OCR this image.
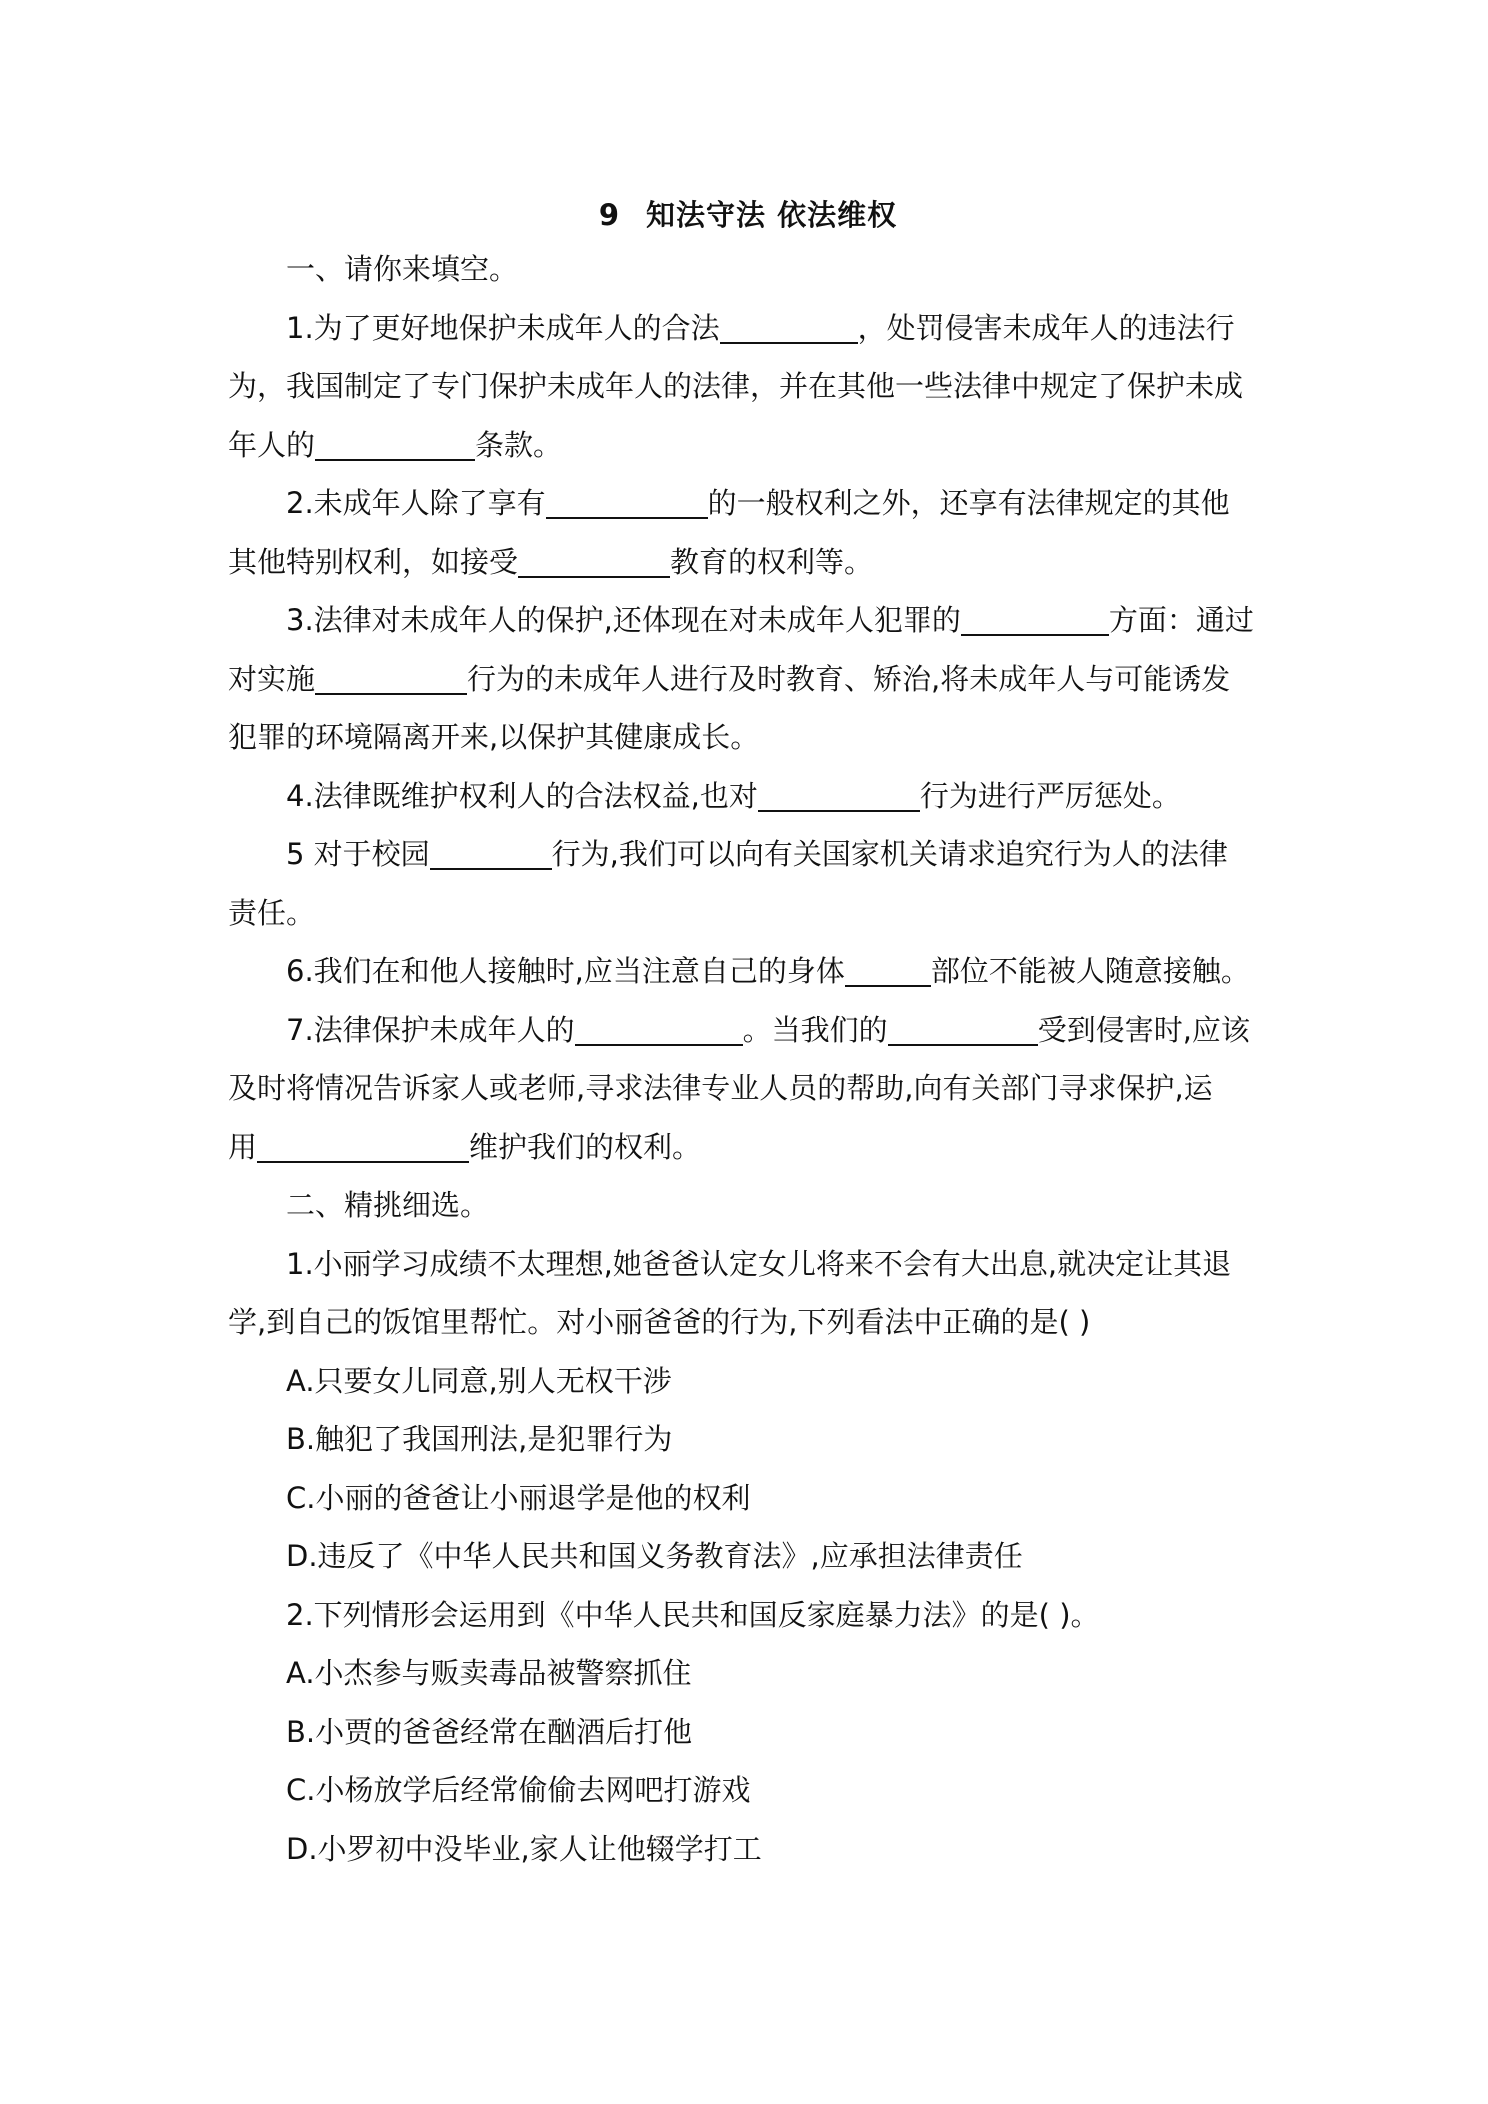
9 知法守法 依法维权
一、请你来填空。
1.为了更好地保护未成年人的合法	，处罚侵害未成年人的违法行
为，我国制定了专门保护未成年人的法律，并在其他一些法律中规定了保护未成
年人的	条款。
2.未成年人除了享有	的一般权利之外，还享有法律规定的其他
其他特别权利，如接受	教育的权利等。
3.法律对未成年人的保护,还体现在对未成年人犯罪的	方面：通过
对实施	行为的未成年人进行及时教育、矫治,将未成年人与可能诱发
犯罪的环境隔离开来,以保护其健康成长。
4.法律既维护权利人的合法权益,也对	行为进行严厉惩处。
5 对于校园	行为,我们可以向有关国家机关请求追究行为人的法律
责任。
6.我们在和他人接触时,应当注意自己的身体	部位不能被人随意接触。
7.法律保护未成年人的	。当我们的	受到侵害时,应该
及时将情况告诉家人或老师,寻求法律专业人员的帮助,向有关部门寻求保护,运
用	维护我们的权利。
二、精挑细选。
1.小丽学习成绩不太理想,她爸爸认定女儿将来不会有大出息,就决定让其退
学,到自己的饭馆里帮忙。对小丽爸爸的行为,下列看法中正确的是( )
A.只要女儿同意,别人无权干涉
B.触犯了我国刑法,是犯罪行为
C.小丽的爸爸让小丽退学是他的权利
D.违反了《中华人民共和国义务教育法》,应承担法律责任
2.下列情形会运用到《中华人民共和国反家庭暴力法》的是( )。
A.小杰参与贩卖毒品被警察抓住
B.小贾的爸爸经常在酗酒后打他
C.小杨放学后经常偷偷去网吧打游戏
D.小罗初中没毕业,家人让他辍学打工
